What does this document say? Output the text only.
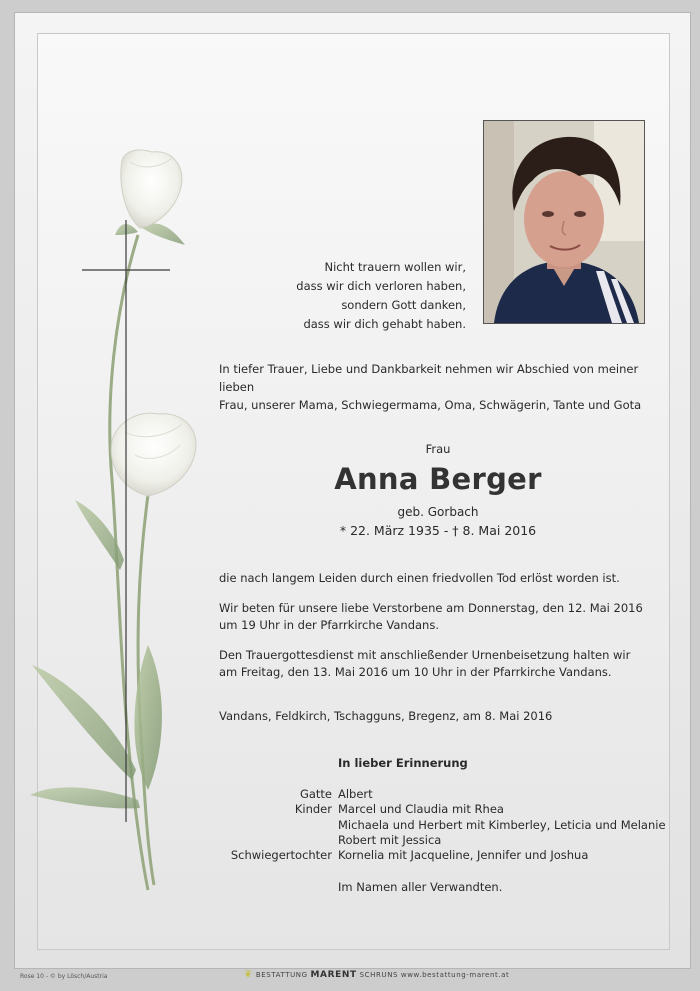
Nicht trauern wollen wir,
dass wir dich verloren haben,
sondern Gott danken,
dass wir dich gehabt haben.
In tiefer Trauer, Liebe und Dankbarkeit nehmen wir Abschied von meiner lieben
Frau, unserer Mama, Schwiegermama, Oma, Schwägerin, Tante und Gota
Frau
Anna Berger
geb. Gorbach
* 22. März 1935 - † 8. Mai 2016
die nach langem Leiden durch einen friedvollen Tod erlöst worden ist.
Wir beten für unsere liebe Verstorbene am Donnerstag, den 12. Mai 2016
um 19 Uhr in der Pfarrkirche Vandans.
Den Trauergottesdienst mit anschließender Urnenbeisetzung halten wir
am Freitag, den 13. Mai 2016 um 10 Uhr in der Pfarrkirche Vandans.
Vandans, Feldkirch, Tschagguns, Bregenz, am 8. Mai 2016
In lieber Erinnerung
Gatte Albert
Kinder Marcel und Claudia mit Rhea
Michaela und Herbert mit Kimberley, Leticia und Melanie
Robert mit Jessica
Schwiegertochter Kornelia mit Jacqueline, Jennifer und Joshua
Im Namen aller Verwandten.
Rose 10 - © by Lösch/Austria	❦ BESTATTUNG MARENT SCHRUNS www.bestattung-marent.at
